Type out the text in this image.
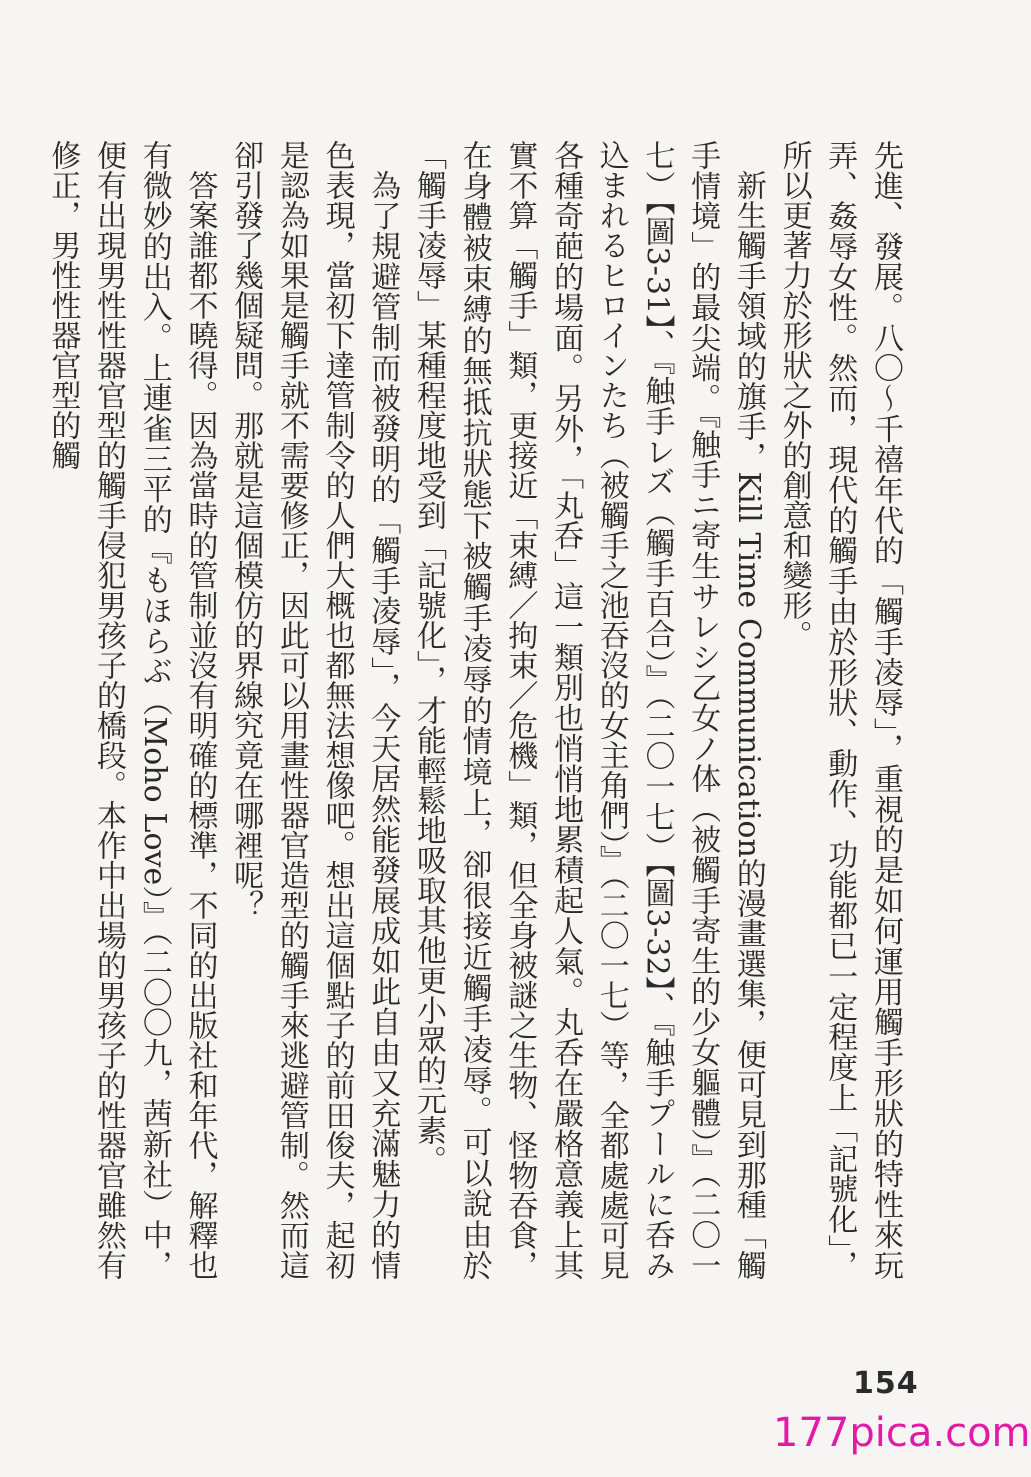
先進、發展。八〇～千禧年代的「觸手凌辱」，重視的是如何運用觸手形狀的特性來玩弄、姦辱女性。然而，現代的觸手由於形狀、動作、功能都已一定程度上「記號化」，所以更著力於形狀之外的創意和變形。

新生觸手領域的旗手，Kill Time Communication的漫畫選集，便可見到那種「觸手情境」的最尖端。『触手ニ寄生サレシ乙女ノ体（被觸手寄生的少女軀體）』（二〇一七）【圖3-31】、『触手レズ（觸手百合）』（二〇一七）【圖3-32】、『触手プールに呑み込まれるヒロインたち（被觸手之池吞沒的女主角們）』（二〇一七）等，全都處處可見各種奇葩的場面。另外，「丸呑」這一類別也悄悄地累積起人氣。丸呑在嚴格意義上其實不算「觸手」類，更接近「束縛／拘束／危機」類，但全身被謎之生物、怪物吞食，在身體被束縛的無抵抗狀態下被觸手凌辱的情境上，卻很接近觸手凌辱。可以說由於「觸手凌辱」某種程度地受到「記號化」，才能輕鬆地吸取其他更小眾的元素。

為了規避管制而被發明的「觸手凌辱」，今天居然能發展成如此自由又充滿魅力的情色表現，當初下達管制令的人們大概也都無法想像吧。想出這個點子的前田俊夫，起初是認為如果是觸手就不需要修正，因此可以用畫性器官造型的觸手來逃避管制。然而這卻引發了幾個疑問。那就是這個模仿的界線究竟在哪裡呢？

答案誰都不曉得。因為當時的管制並沒有明確的標準，不同的出版社和年代，解釋也有微妙的出入。上連雀三平的『もほらぶ（Moho Love）』（二〇〇九，茜新社）中，便有出現男性性器官型的觸手侵犯男孩子的橋段。本作中出場的男孩子的性器官雖然有修正，男性性器官型的觸

154
177pica.com
